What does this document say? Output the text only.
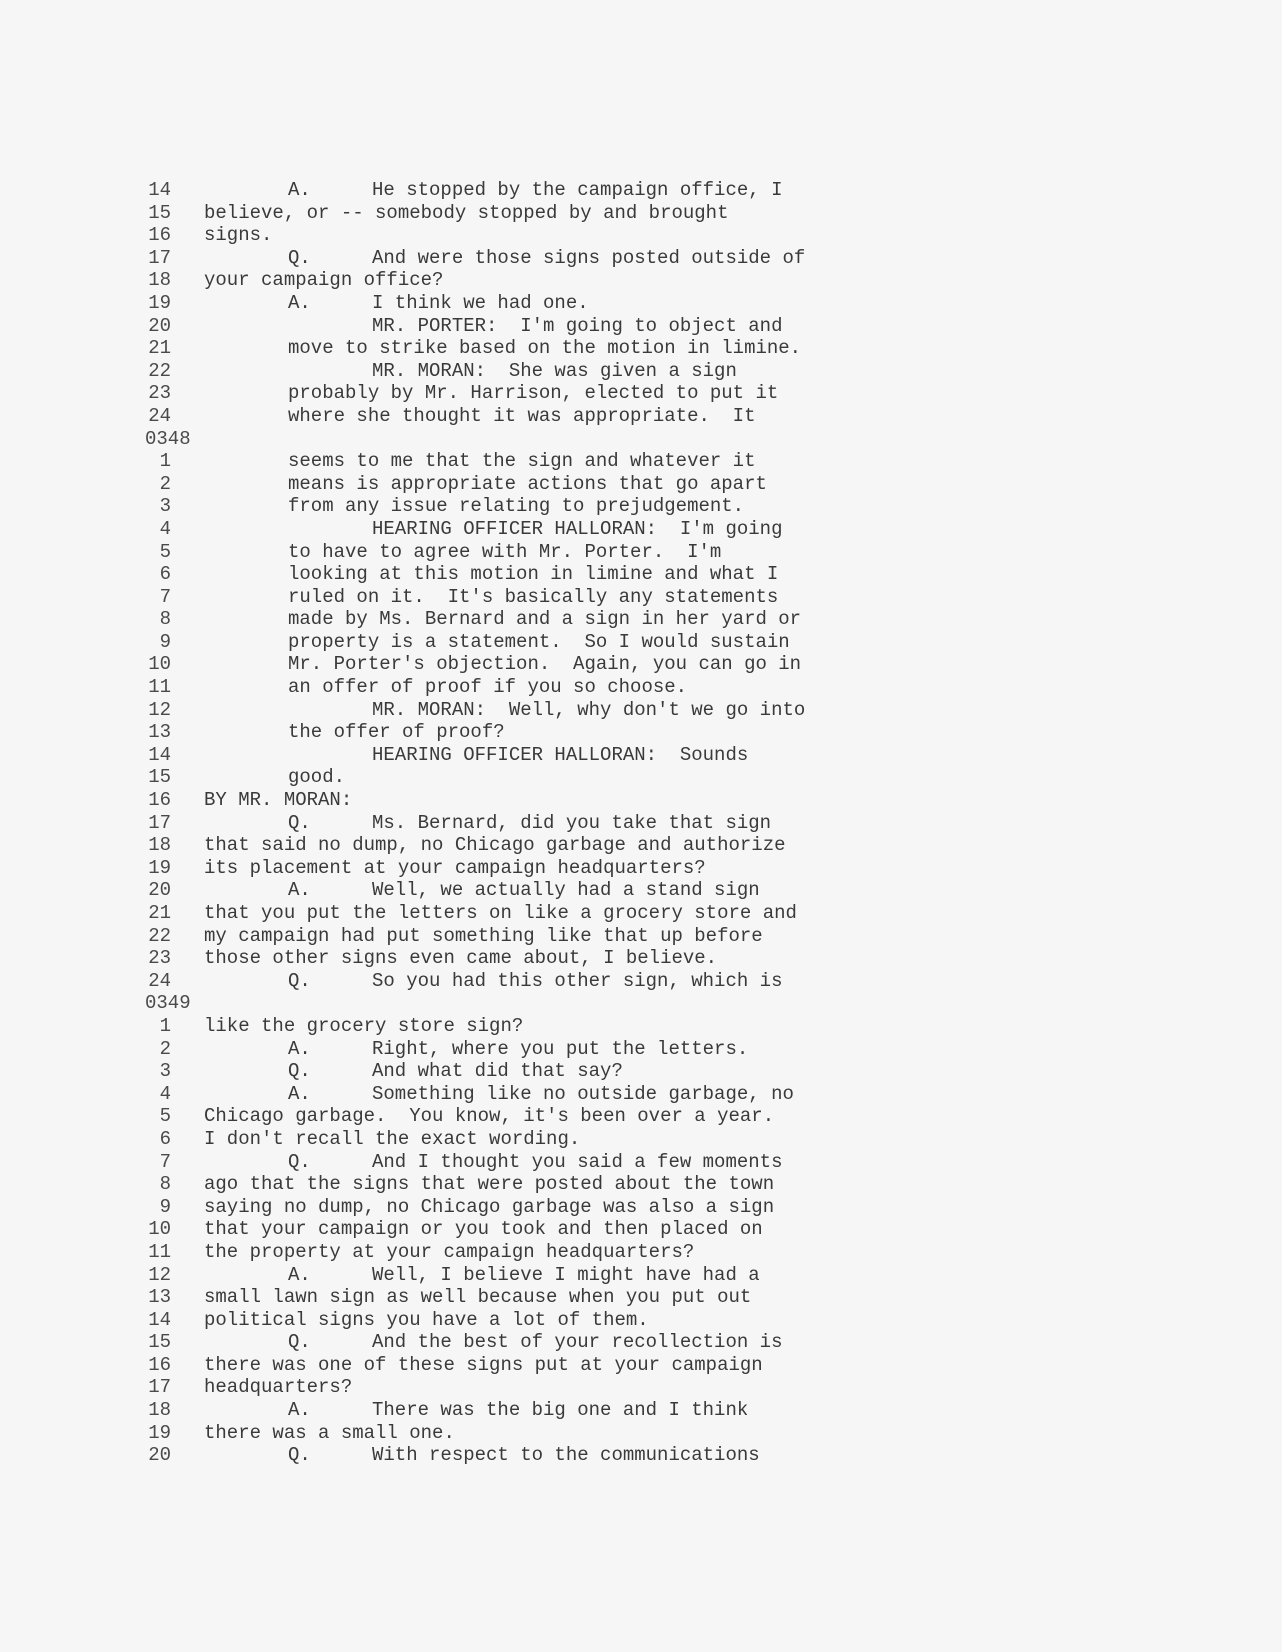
14	A.	He stopped by the campaign office, I
15 believe, or -- somebody stopped by and brought
16 signs.
17	Q.	And were those signs posted outside of
18 your campaign office?
19	A.	I think we had one.
20	MR. PORTER:  I'm going to object and
21	move to strike based on the motion in limine.
22	MR. MORAN:  She was given a sign
23	probably by Mr. Harrison, elected to put it
24	where she thought it was appropriate.  It
0348
1	seems to me that the sign and whatever it
2	means is appropriate actions that go apart
3	from any issue relating to prejudgement.
4	HEARING OFFICER HALLORAN:  I'm going
5	to have to agree with Mr. Porter.  I'm
6	looking at this motion in limine and what I
7	ruled on it.  It's basically any statements
8	made by Ms. Bernard and a sign in her yard or
9	property is a statement.  So I would sustain
10	Mr. Porter's objection.  Again, you can go in
11	an offer of proof if you so choose.
12	MR. MORAN:  Well, why don't we go into
13	the offer of proof?
14	HEARING OFFICER HALLORAN:  Sounds
15	good.
16 BY MR. MORAN:
17	Q.	Ms. Bernard, did you take that sign
18 that said no dump, no Chicago garbage and authorize
19 its placement at your campaign headquarters?
20	A.	Well, we actually had a stand sign
21 that you put the letters on like a grocery store and
22 my campaign had put something like that up before
23 those other signs even came about, I believe.
24	Q.	So you had this other sign, which is
0349
1 like the grocery store sign?
2	A.	Right, where you put the letters.
3	Q.	And what did that say?
4	A.	Something like no outside garbage, no
5 Chicago garbage.  You know, it's been over a year.
6 I don't recall the exact wording.
7	Q.	And I thought you said a few moments
8 ago that the signs that were posted about the town
9 saying no dump, no Chicago garbage was also a sign
10 that your campaign or you took and then placed on
11 the property at your campaign headquarters?
12	A.	Well, I believe I might have had a
13 small lawn sign as well because when you put out
14 political signs you have a lot of them.
15	Q.	And the best of your recollection is
16 there was one of these signs put at your campaign
17 headquarters?
18	A.	There was the big one and I think
19 there was a small one.
20	Q.	With respect to the communications
